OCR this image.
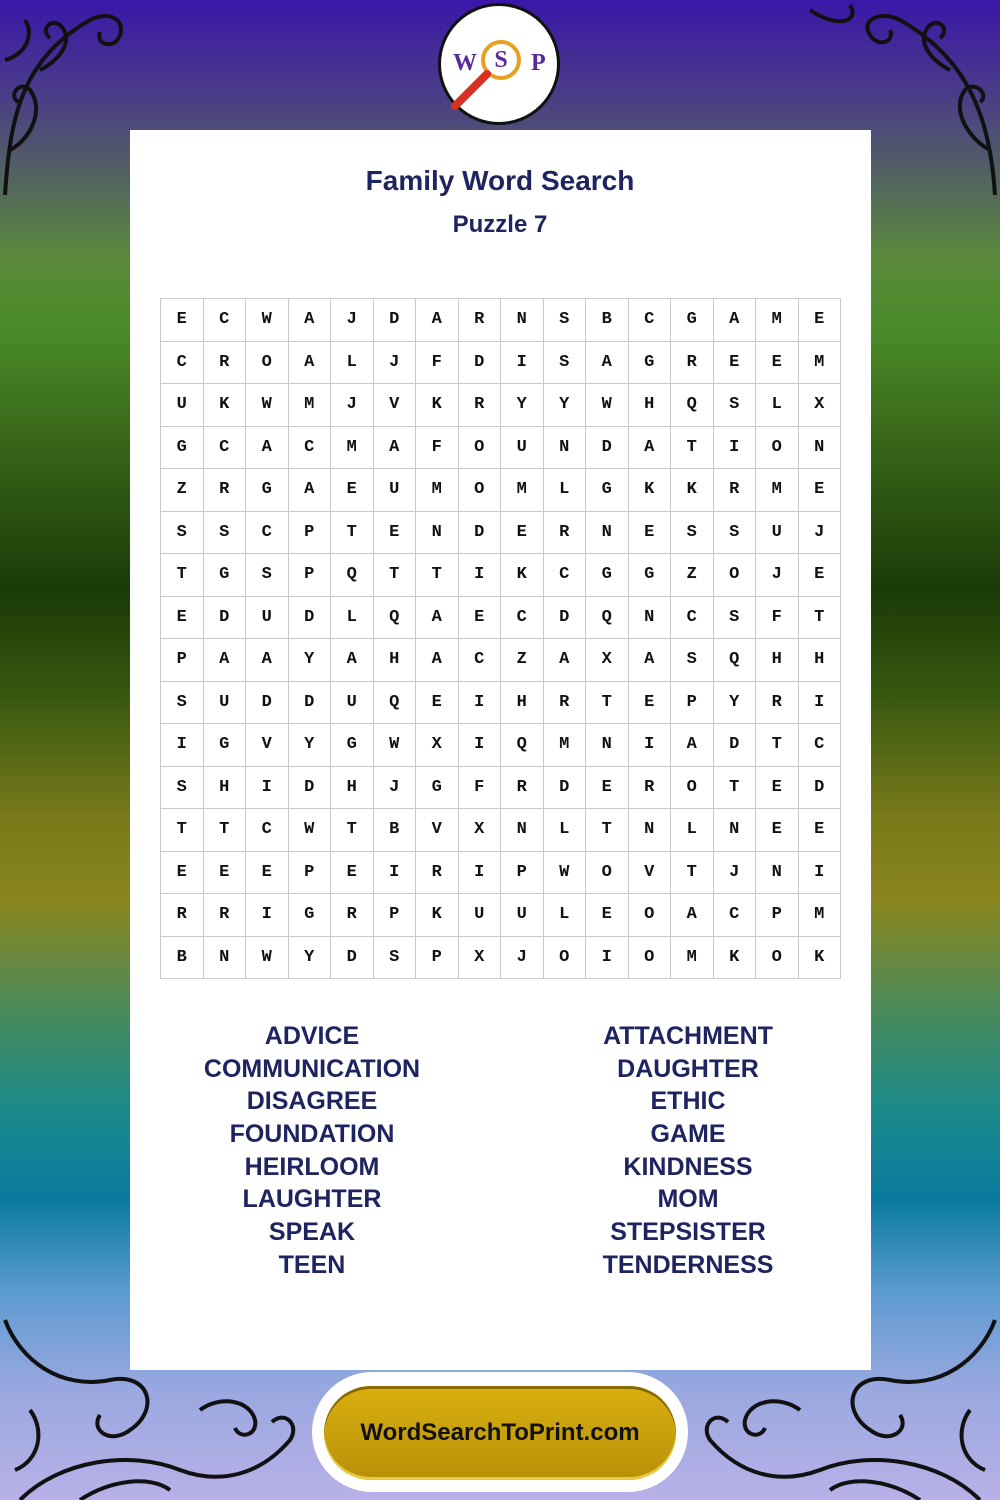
W S P
Family Word Search
Puzzle 7
E	C	W	A	J	D	A	R	N	S	B	C	G	A	M	E
C	R	O	A	L	J	F	D	I	S	A	G	R	E	E	M
U	K	W	M	J	V	K	R	Y	Y	W	H	Q	S	L	X
G	C	A	C	M	A	F	O	U	N	D	A	T	I	O	N
Z	R	G	A	E	U	M	O	M	L	G	K	K	R	M	E
S	S	C	P	T	E	N	D	E	R	N	E	S	S	U	J
T	G	S	P	Q	T	T	I	K	C	G	G	Z	O	J	E
E	D	U	D	L	Q	A	E	C	D	Q	N	C	S	F	T
P	A	A	Y	A	H	A	C	Z	A	X	A	S	Q	H	H
S	U	D	D	U	Q	E	I	H	R	T	E	P	Y	R	I
I	G	V	Y	G	W	X	I	Q	M	N	I	A	D	T	C
S	H	I	D	H	J	G	F	R	D	E	R	O	T	E	D
T	T	C	W	T	B	V	X	N	L	T	N	L	N	E	E
E	E	E	P	E	I	R	I	P	W	O	V	T	J	N	I
R	R	I	G	R	P	K	U	U	L	E	O	A	C	P	M
B	N	W	Y	D	S	P	X	J	O	I	O	M	K	O	K
ADVICE
COMMUNICATION
DISAGREE
FOUNDATION
HEIRLOOM
LAUGHTER
SPEAK
TEEN
ATTACHMENT
DAUGHTER
ETHIC
GAME
KINDNESS
MOM
STEPSISTER
TENDERNESS
WordSearchToPrint.com
